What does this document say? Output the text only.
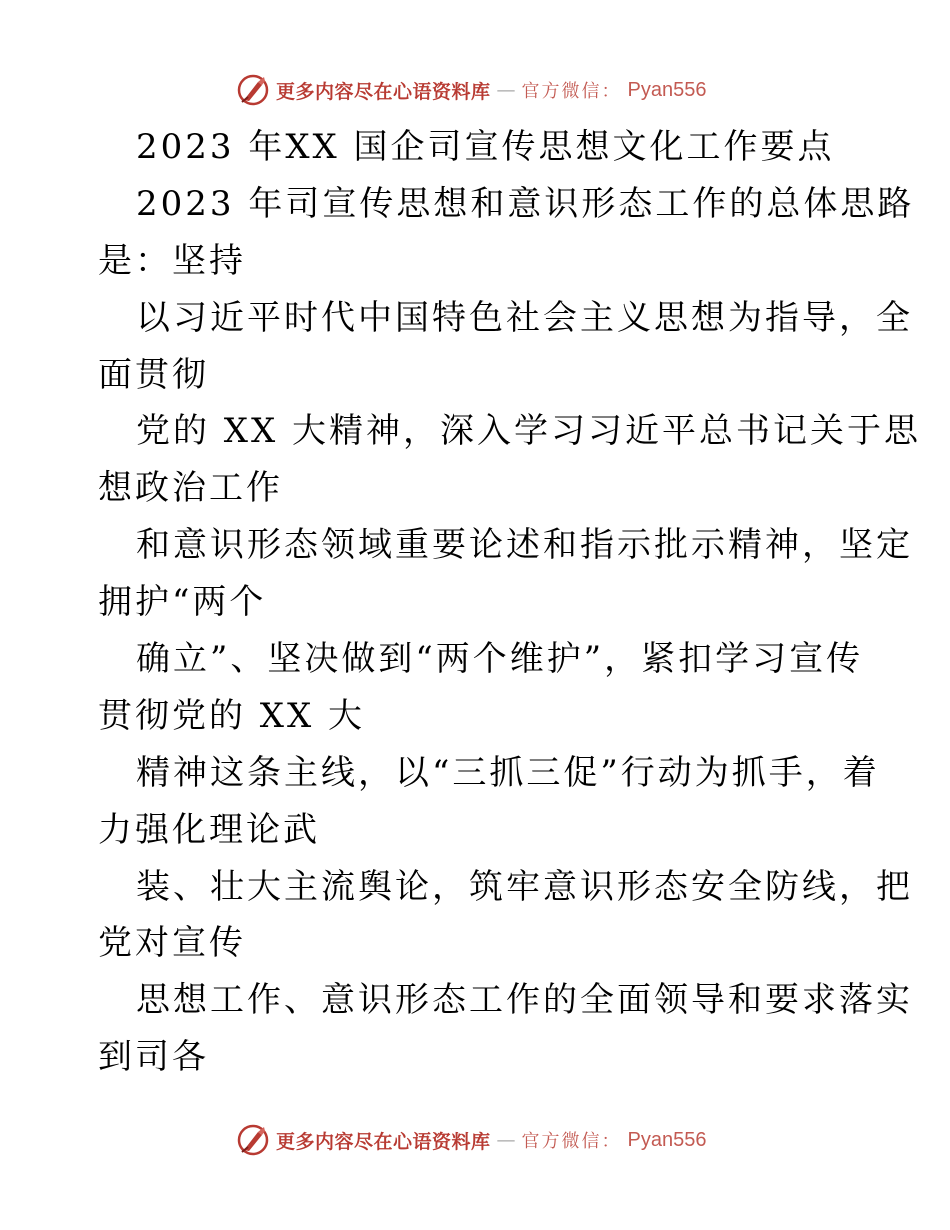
更多内容尽在心语资料库 — 官方微信： Pyan556
2023 年XX 国企司宣传思想文化工作要点
2023 年司宣传思想和意识形态工作的总体思路
是：坚持
以习近平时代中国特色社会主义思想为指导，全
面贯彻
党的 XX 大精神，深入学习习近平总书记关于思
想政治工作
和意识形态领域重要论述和指示批示精神，坚定
拥护“两个
确立”、坚决做到“两个维护”，紧扣学习宣传
贯彻党的 XX 大
精神这条主线，以“三抓三促”行动为抓手，着
力强化理论武
装、壮大主流舆论，筑牢意识形态安全防线，把
党对宣传
思想工作、意识形态工作的全面领导和要求落实
到司各
更多内容尽在心语资料库 — 官方微信： Pyan556
